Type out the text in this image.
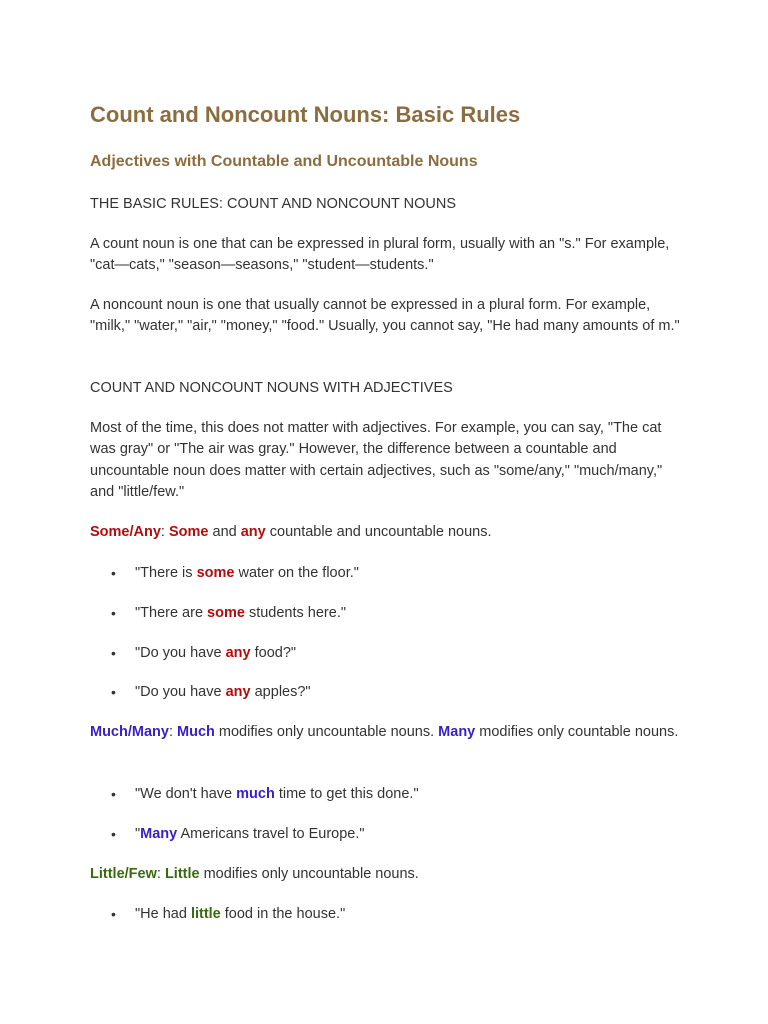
Count and Noncount Nouns: Basic Rules
Adjectives with Countable and Uncountable Nouns

THE BASIC RULES: COUNT AND NONCOUNT NOUNS

A count noun is one that can be expressed in plural form, usually with an "s." For example, "cat—cats," "season—seasons," "student—students."

A noncount noun is one that usually cannot be expressed in a plural form. For example, "milk," "water," "air," "money," "food." Usually, you cannot say, "He had many amounts of m."

COUNT AND NONCOUNT NOUNS WITH ADJECTIVES

Most of the time, this does not matter with adjectives. For example, you can say, "The cat was gray" or "The air was gray." However, the difference between a countable and uncountable noun does matter with certain adjectives, such as "some/any," "much/many," and "little/few."

Some/Any: Some and any countable and uncountable nouns.

• "There is some water on the floor."
• "There are some students here."
• "Do you have any food?"
• "Do you have any apples?"

Much/Many: Much modifies only uncountable nouns. Many modifies only countable nouns.

• "We don't have much time to get this done."
• "Many Americans travel to Europe."

Little/Few: Little modifies only uncountable nouns.

• "He had little food in the house."
